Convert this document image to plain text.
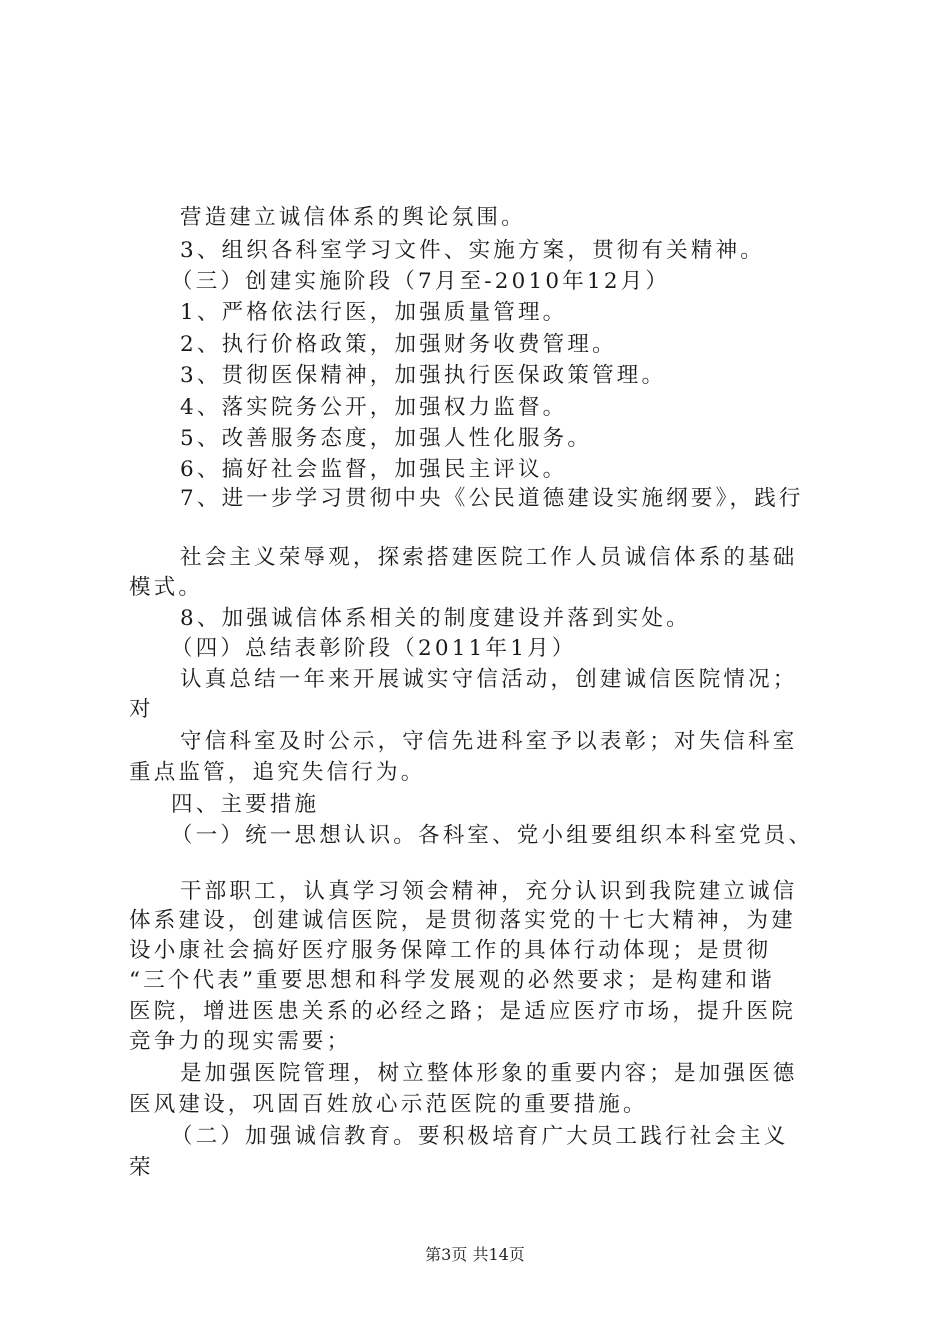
营造建立诚信体系的舆论氛围。
3、组织各科室学习文件、实施方案，贯彻有关精神。
（三）创建实施阶段（7月至-2010年12月）
1、严格依法行医，加强质量管理。
2、执行价格政策，加强财务收费管理。
3、贯彻医保精神，加强执行医保政策管理。
4、落实院务公开，加强权力监督。
5、改善服务态度，加强人性化服务。
6、搞好社会监督，加强民主评议。
7、进一步学习贯彻中央《公民道德建设实施纲要》，践行
社会主义荣辱观，探索搭建医院工作人员诚信体系的基础
模式。
8、加强诚信体系相关的制度建设并落到实处。
（四）总结表彰阶段（2011年1月）
认真总结一年来开展诚实守信活动，创建诚信医院情况；
对
守信科室及时公示，守信先进科室予以表彰；对失信科室
重点监管，追究失信行为。
四、主要措施
（一）统一思想认识。各科室、党小组要组织本科室党员、
干部职工，认真学习领会精神，充分认识到我院建立诚信
体系建设，创建诚信医院，是贯彻落实党的十七大精神，为建
设小康社会搞好医疗服务保障工作的具体行动体现；是贯彻
“三个代表”重要思想和科学发展观的必然要求；是构建和谐
医院，增进医患关系的必经之路；是适应医疗市场，提升医院
竞争力的现实需要；
是加强医院管理，树立整体形象的重要内容；是加强医德
医风建设，巩固百姓放心示范医院的重要措施。
（二）加强诚信教育。要积极培育广大员工践行社会主义
荣
第3页 共14页
